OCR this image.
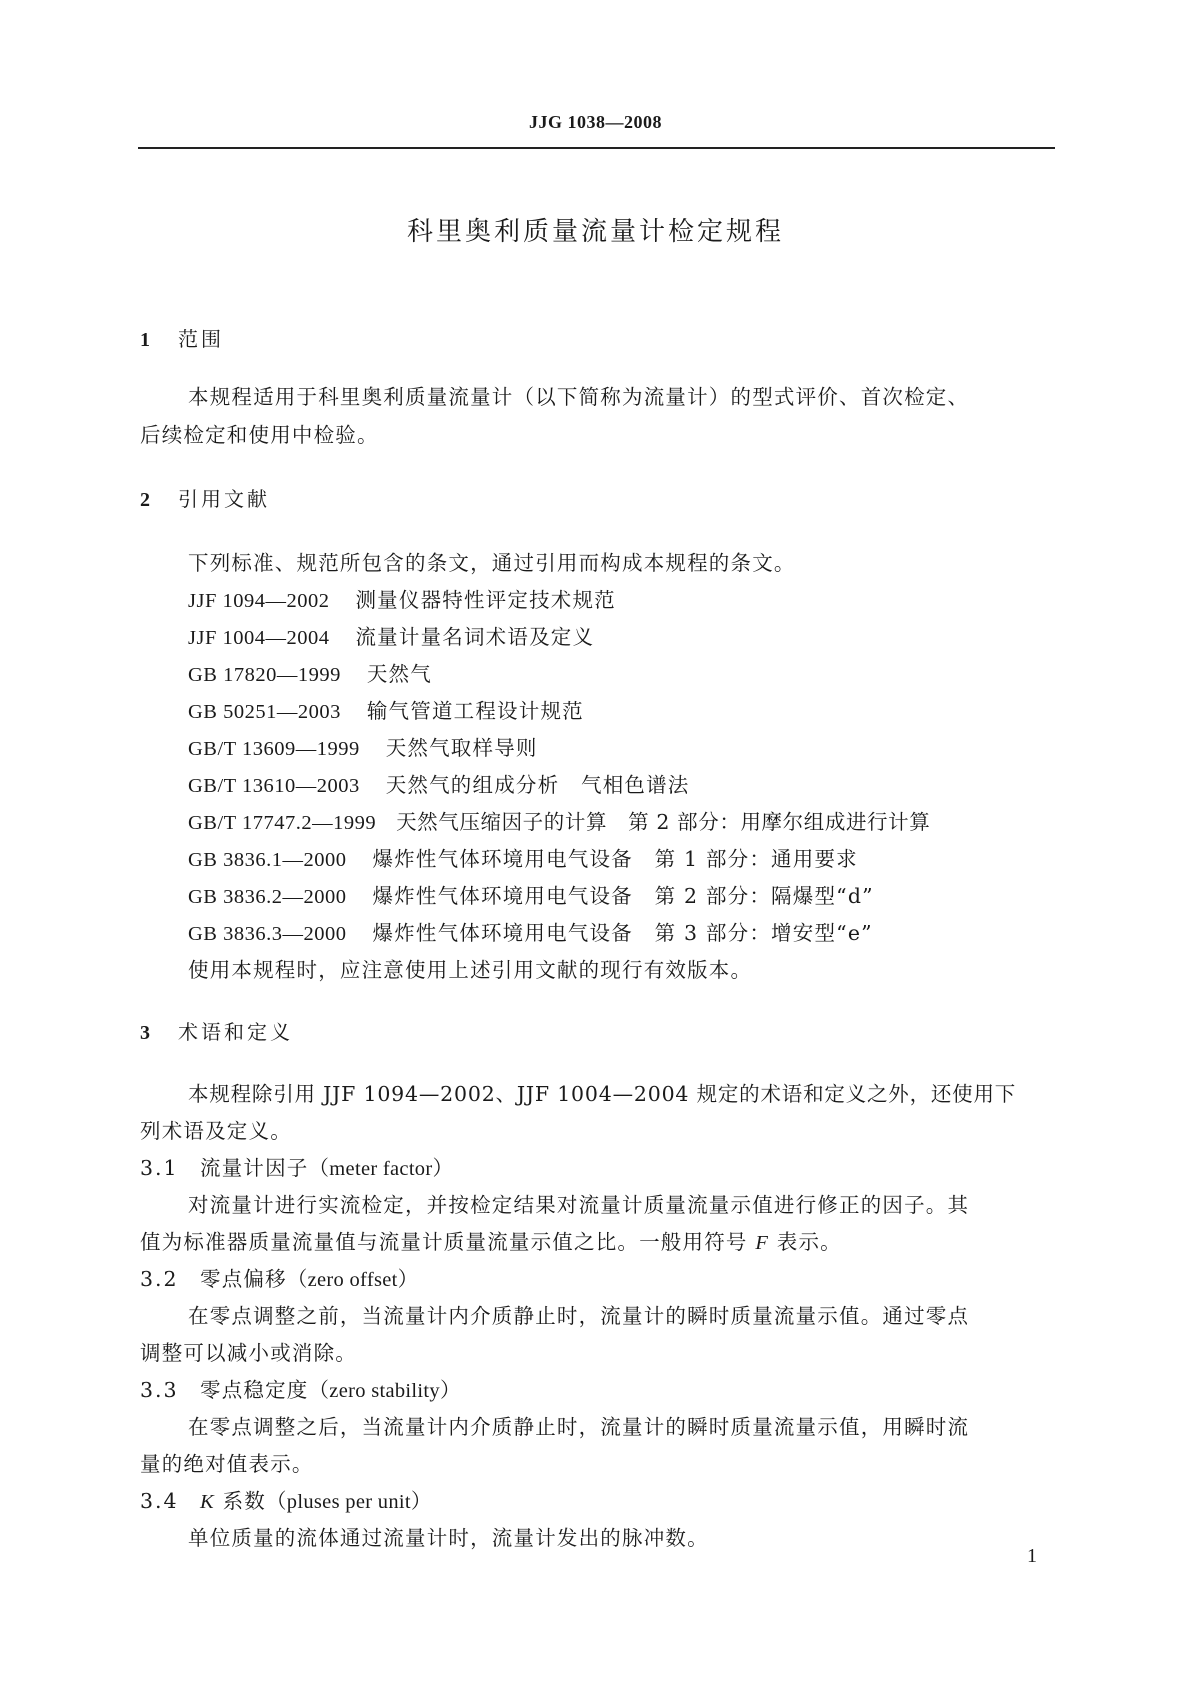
JJG 1038—2008
科里奥利质量流量计检定规程
1 范围
本规程适用于科里奥利质量流量计（以下简称为流量计）的型式评价、首次检定、
后续检定和使用中检验。
2 引用文献
下列标准、规范所包含的条文，通过引用而构成本规程的条文。
JJF 1094—2002 测量仪器特性评定技术规范
JJF 1004—2004 流量计量名词术语及定义
GB 17820—1999 天然气
GB 50251—2003 输气管道工程设计规范
GB/T 13609—1999 天然气取样导则
GB/T 13610—2003 天然气的组成分析　气相色谱法
GB/T 17747.2—1999 天然气压缩因子的计算　第 2 部分：用摩尔组成进行计算
GB 3836.1—2000 爆炸性气体环境用电气设备　第 1 部分：通用要求
GB 3836.2—2000 爆炸性气体环境用电气设备　第 2 部分：隔爆型“d”
GB 3836.3—2000 爆炸性气体环境用电气设备　第 3 部分：增安型“e”
使用本规程时，应注意使用上述引用文献的现行有效版本。
3 术语和定义
本规程除引用 JJF 1094—2002、JJF 1004—2004 规定的术语和定义之外，还使用下
列术语及定义。
3.1 流量计因子（meter factor）
对流量计进行实流检定，并按检定结果对流量计质量流量示值进行修正的因子。其
值为标准器质量流量值与流量计质量流量示值之比。一般用符号 F 表示。
3.2 零点偏移（zero offset）
在零点调整之前，当流量计内介质静止时，流量计的瞬时质量流量示值。通过零点
调整可以减小或消除。
3.3 零点稳定度（zero stability）
在零点调整之后，当流量计内介质静止时，流量计的瞬时质量流量示值，用瞬时流
量的绝对值表示。
3.4 K 系数（pluses per unit）
单位质量的流体通过流量计时，流量计发出的脉冲数。
1
